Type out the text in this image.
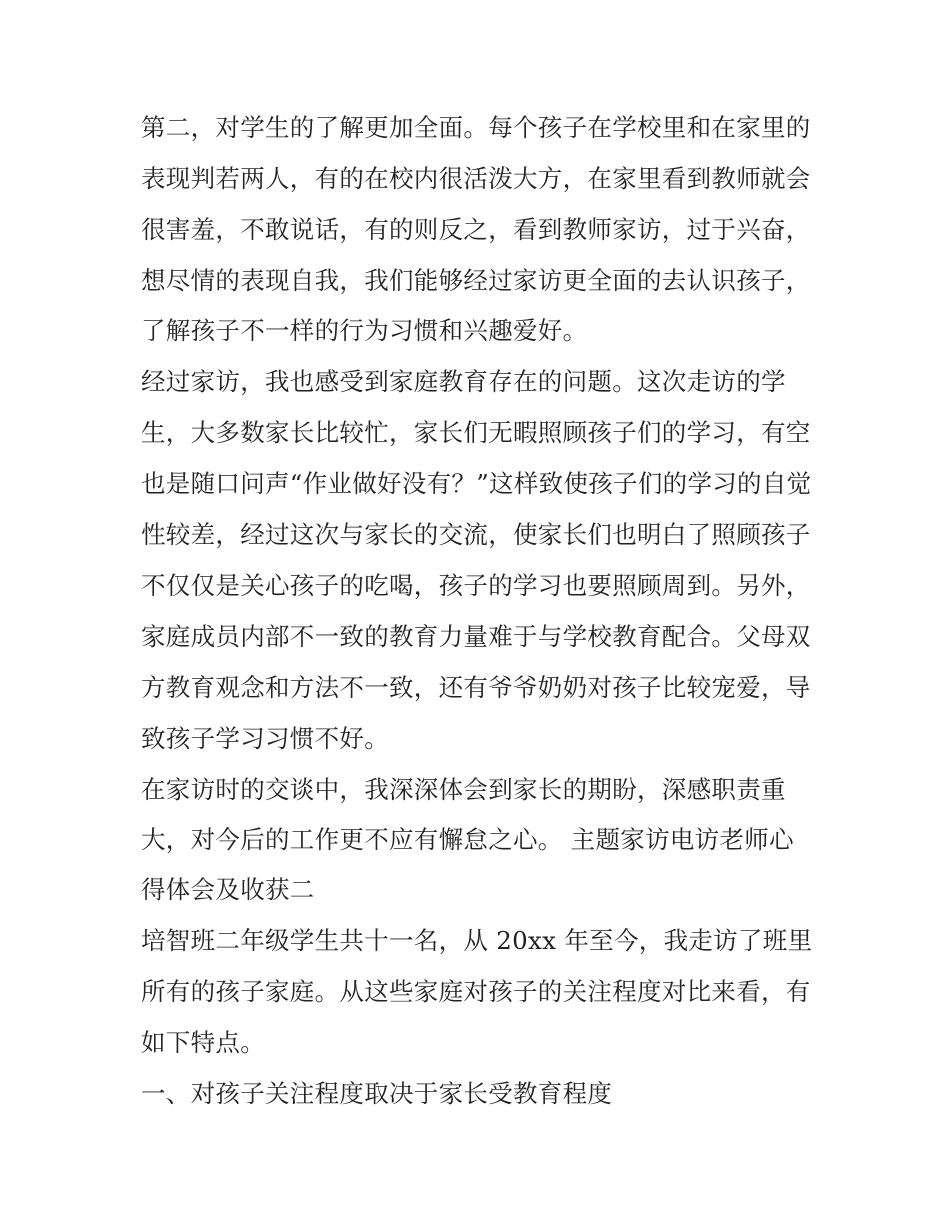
第二，对学生的了解更加全面。每个孩子在学校里和在家里的
表现判若两人，有的在校内很活泼大方，在家里看到教师就会
很害羞，不敢说话，有的则反之，看到教师家访，过于兴奋，
想尽情的表现自我，我们能够经过家访更全面的去认识孩子，
了解孩子不一样的行为习惯和兴趣爱好。
经过家访，我也感受到家庭教育存在的问题。这次走访的学
生，大多数家长比较忙，家长们无暇照顾孩子们的学习，有空
也是随口问声“作业做好没有？”这样致使孩子们的学习的自觉
性较差，经过这次与家长的交流，使家长们也明白了照顾孩子
不仅仅是关心孩子的吃喝，孩子的学习也要照顾周到。另外，
家庭成员内部不一致的教育力量难于与学校教育配合。父母双
方教育观念和方法不一致，还有爷爷奶奶对孩子比较宠爱，导
致孩子学习习惯不好。
在家访时的交谈中，我深深体会到家长的期盼，深感职责重
大，对今后的工作更不应有懈怠之心。 主题家访电访老师心
得体会及收获二
培智班二年级学生共十一名，从 20xx 年至今，我走访了班里
所有的孩子家庭。从这些家庭对孩子的关注程度对比来看，有
如下特点。
一、对孩子关注程度取决于家长受教育程度
